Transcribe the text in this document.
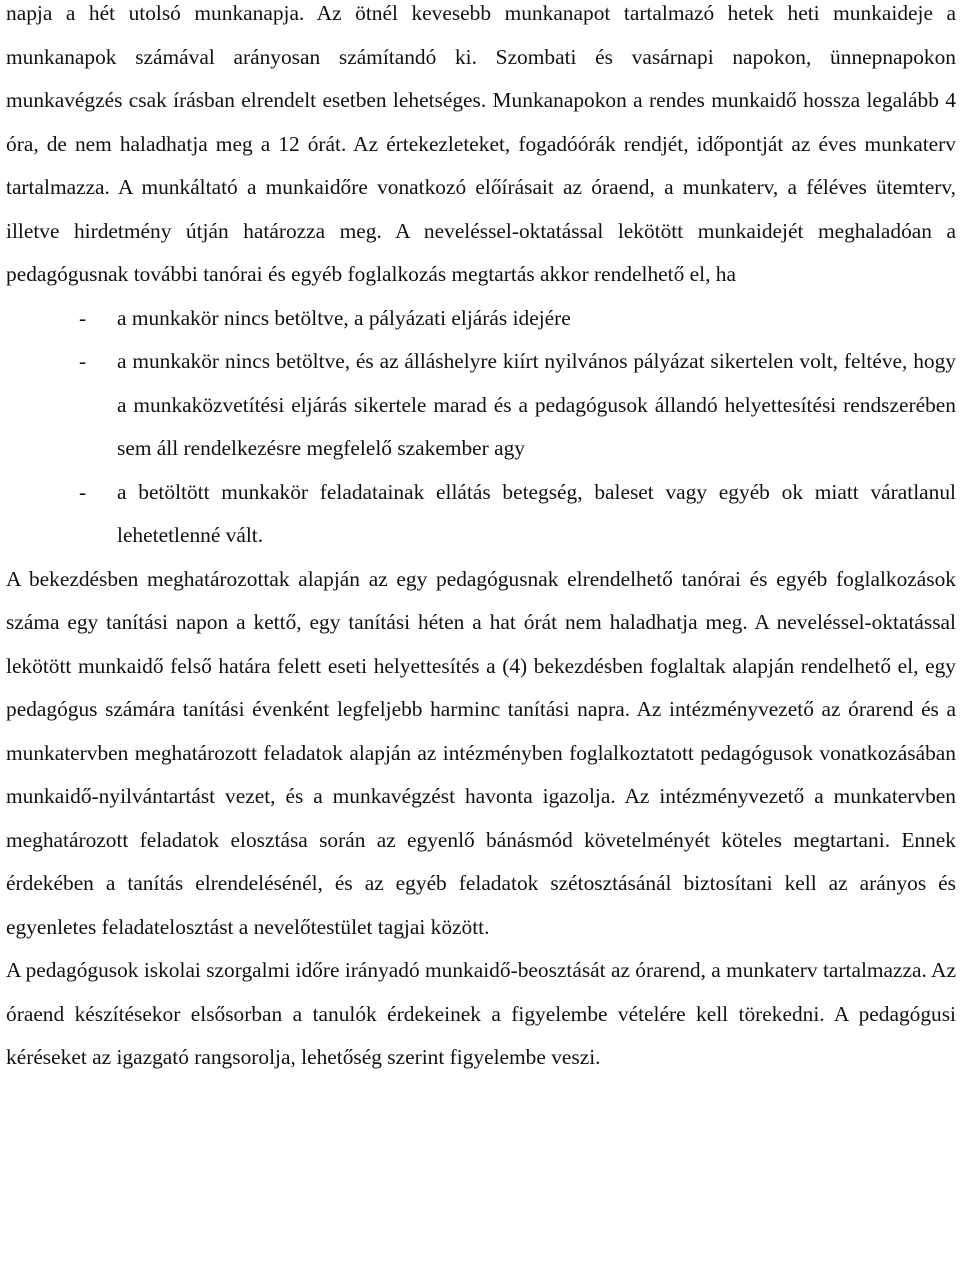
napja a hét utolsó munkanapja. Az ötnél kevesebb munkanapot tartalmazó hetek heti munkaideje a munkanapok számával arányosan számítandó ki. Szombati és vasárnapi napokon, ünnepnapokon munkavégzés csak írásban elrendelt esetben lehetséges. Munkanapokon a rendes munkaidő hossza legalább 4 óra, de nem haladhatja meg a 12 órát. Az értekezleteket, fogadóórák rendjét, időpontját az éves munkaterv tartalmazza. A munkáltató a munkaidőre vonatkozó előírásait az óraend, a munkaterv, a féléves ütemterv, illetve hirdetmény útján határozza meg. A neveléssel-oktatással lekötött munkaidejét meghaladóan a pedagógusnak további tanórai és egyéb foglalkozás megtartás akkor rendelhető el, ha

- a munkakör nincs betöltve, a pályázati eljárás idejére
- a munkakör nincs betöltve, és az álláshelyre kiírt nyilvános pályázat sikertelen volt, feltéve, hogy a munkaközvetítési eljárás sikertele marad és a pedagógusok állandó helyettesítési rendszerében sem áll rendelkezésre megfelelő szakember agy
- a betöltött munkakör feladatainak ellátás betegség, baleset vagy egyéb ok miatt váratlanul lehetetlenné vált.

A bekezdésben meghatározottak alapján az egy pedagógusnak elrendelhető tanórai és egyéb foglalkozások száma egy tanítási napon a kettő, egy tanítási héten a hat órát nem haladhatja meg. A neveléssel-oktatással lekötött munkaidő felső határa felett eseti helyettesítés a (4) bekezdésben foglaltak alapján rendelhető el, egy pedagógus számára tanítási évenként legfeljebb harminc tanítási napra. Az intézményvezető az órarend és a munkatervben meghatározott feladatok alapján az intézményben foglalkoztatott pedagógusok vonatkozásában munkaidő-nyilvántartást vezet, és a munkavégzést havonta igazolja. Az intézményvezető a munkatervben meghatározott feladatok elosztása során az egyenlő bánásmód követelményét köteles megtartani. Ennek érdekében a tanítás elrendelésénél, és az egyéb feladatok szétosztásánál biztosítani kell az arányos és egyenletes feladatelosztást a nevelőtestület tagjai között.

A pedagógusok iskolai szorgalmi időre irányadó munkaidő-beosztását az órarend, a munkaterv tartalmazza. Az óraend készítésekor elsősorban a tanulók érdekeinek a figyelembe vételére kell törekedni. A pedagógusi kéréseket az igazgató rangsorolja, lehetőség szerint figyelembe veszi.
